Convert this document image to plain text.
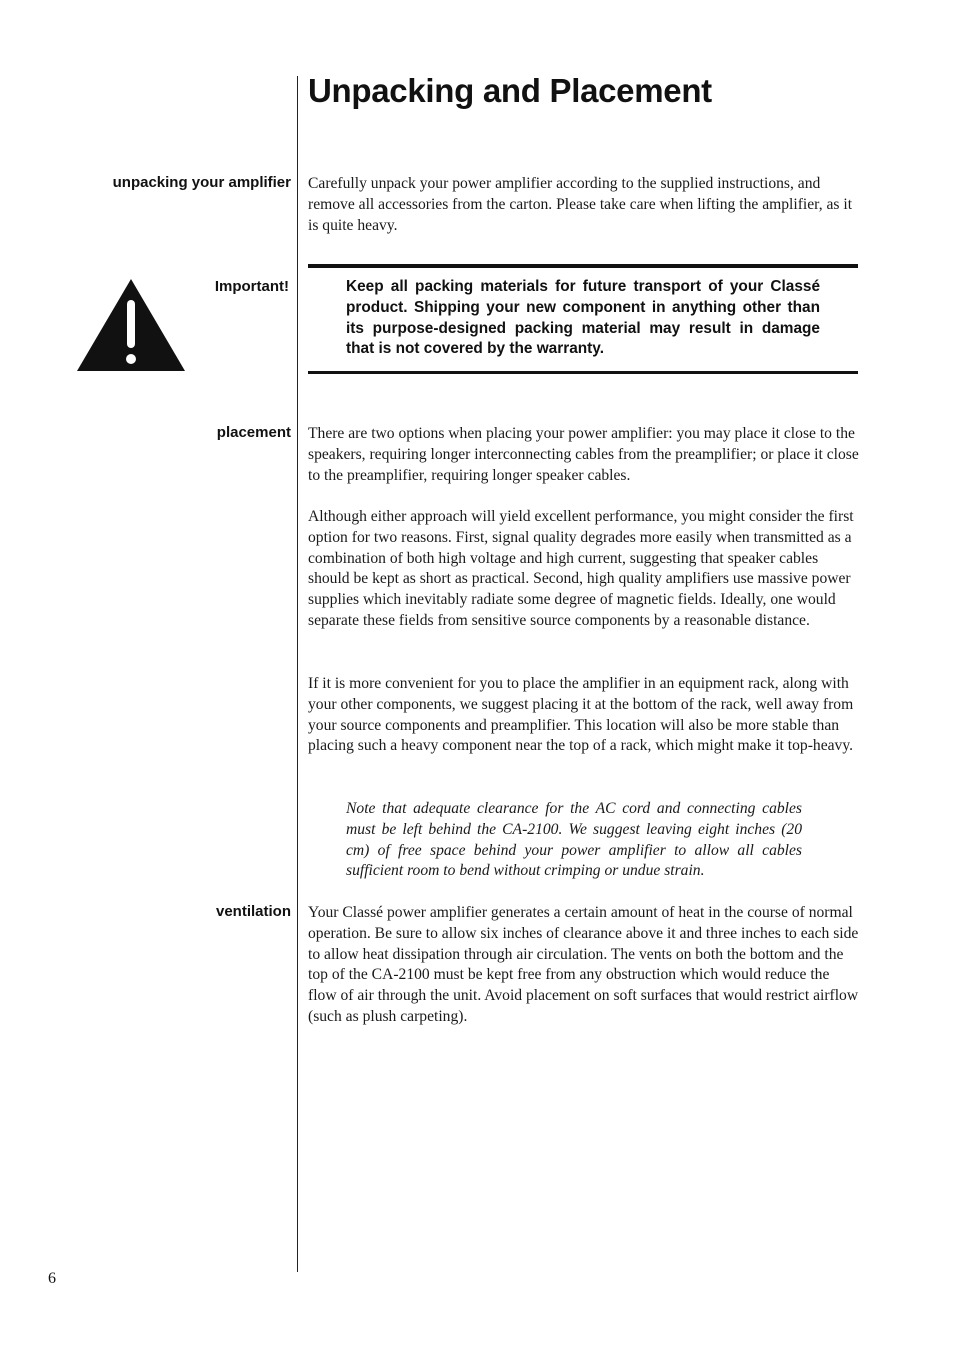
Unpacking and Placement
unpacking your amplifier Carefully unpack your power amplifier according to the supplied instructions, and remove all accessories from the carton. Please take care when lifting the amplifier, as it is quite heavy.

Important!	Keep all packing materials for future transport of your Classé product. Shipping your new component in anything other than its purpose-designed packing material may result in damage that is not covered by the warranty.

placement There are two options when placing your power amplifier: you may place it close to the speakers, requiring longer interconnecting cables from the preamplifier; or place it close to the preamplifier, requiring longer speaker cables.

Although either approach will yield excellent performance, you might consider the first option for two reasons. First, signal quality degrades more easily when transmitted as a combination of both high voltage and high current, suggesting that speaker cables should be kept as short as practical. Second, high quality amplifiers use massive power supplies which inevitably radiate some degree of magnetic fields. Ideally, one would separate these fields from sensitive source components by a reasonable distance.

If it is more convenient for you to place the amplifier in an equipment rack, along with your other components, we suggest placing it at the bottom of the rack, well away from your source components and preamplifier. This location will also be more stable than placing such a heavy component near the top of a rack, which might make it top-heavy.

Note that adequate clearance for the AC cord and connecting cables must be left behind the CA-2100. We suggest leaving eight inches (20 cm) of free space behind your power amplifier to allow all cables sufficient room to bend without crimping or undue strain.

ventilation Your Classé power amplifier generates a certain amount of heat in the course of normal operation. Be sure to allow six inches of clearance above it and three inches to each side to allow heat dissipation through air circulation. The vents on both the bottom and the top of the CA-2100 must be kept free from any obstruction which would reduce the flow of air through the unit. Avoid placement on soft surfaces that would restrict airflow (such as plush carpeting).

6
